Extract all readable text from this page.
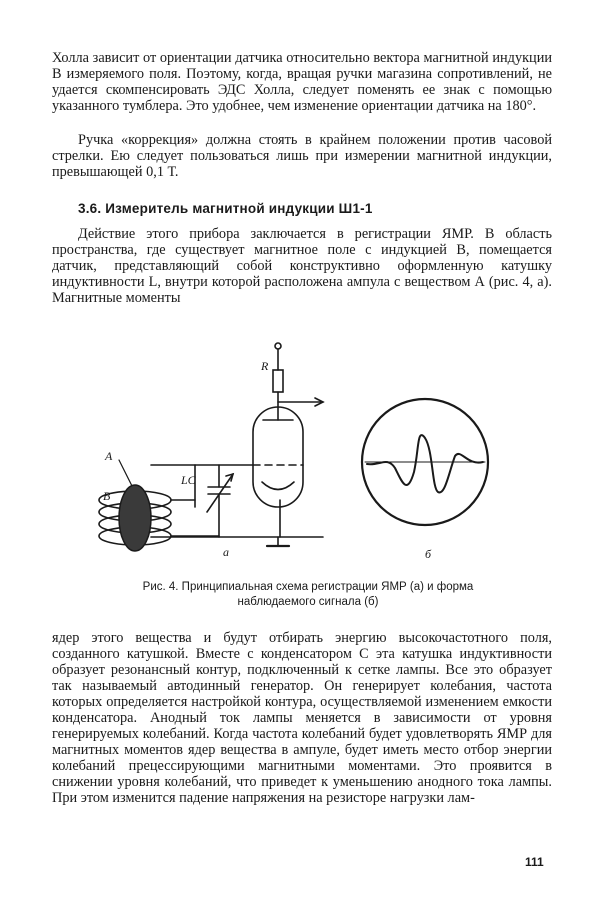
Холла зависит от ориентации датчика относительно вектора магнитной индукции В измеряемого поля. Поэтому, когда, вращая ручки магазина сопротивлений, не удается скомпенсировать ЭДС Холла, следует поменять ее знак с помощью указанного тумблера. Это удобнее, чем изменение ориентации датчика на 180°.

Ручка «коррекция» должна стоять в крайнем положении против часовой стрелки. Ею следует пользоваться лишь при измерении магнитной индукции, превышающей 0,1 Т.

3.6. Измеритель магнитной индукции Ш1-1

Действие этого прибора заключается в регистрации ЯМР. В область пространства, где существует магнитное поле с индукцией В, помещается датчик, представляющий собой конструктивно оформленную катушку индуктивности L, внутри которой расположена ампула с веществом А (рис. 4, а). Магнитные моменты

R
A
B
LC
а	б

Рис. 4. Принципиальная схема регистрации ЯМР (а) и форма наблюдаемого сигнала (б)

ядер этого вещества и будут отбирать энергию высокочастотного поля, созданного катушкой. Вместе с конденсатором С эта катушка индуктивности образует резонансный контур, подключенный к сетке лампы. Все это образует так называемый автодинный генератор. Он генерирует колебания, частота которых определяется настройкой контура, осуществляемой изменением емкости конденсатора. Анодный ток лампы меняется в зависимости от уровня генерируемых колебаний. Когда частота колебаний будет удовлетворять ЯМР для магнитных моментов ядер вещества в ампуле, будет иметь место отбор энергии колебаний прецессирующими магнитными моментами. Это проявится в снижении уровня колебаний, что приведет к уменьшению анодного тока лампы. При этом изменится падение напряжения на резисторе нагрузки лам-

111
